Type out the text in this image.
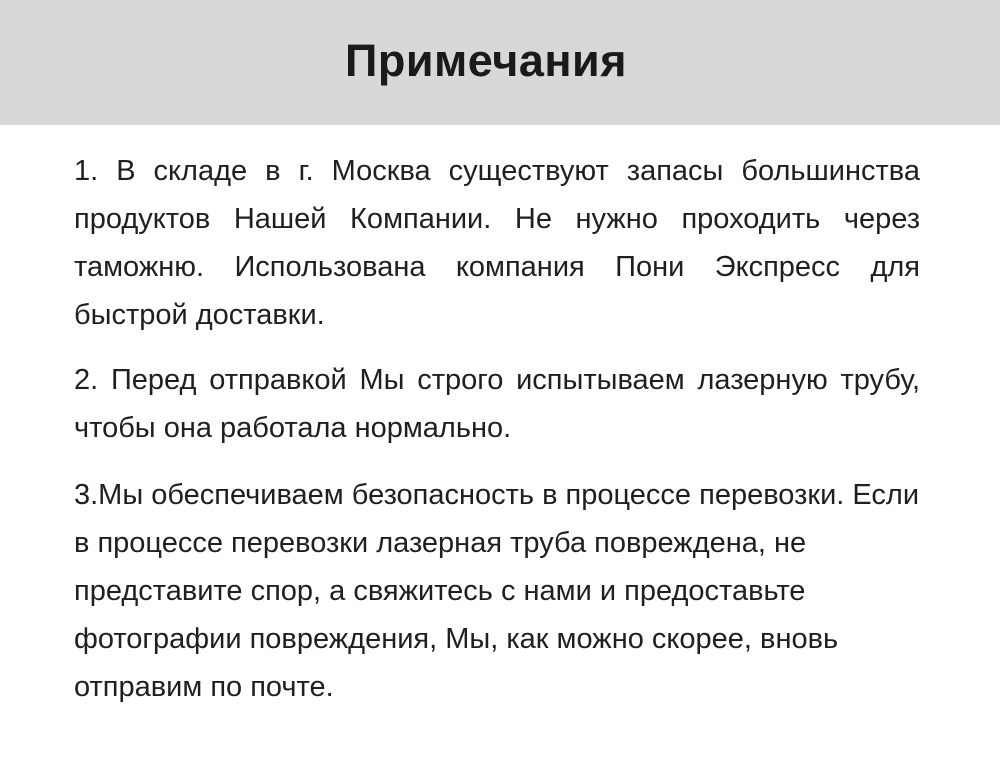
Примечания

1. В складе в г. Москва существуют запасы большинства продуктов Нашей Компании. Не нужно проходить через таможню. Использована компания Пони Экспресс для быстрой доставки.

2. Перед отправкой Мы строго испытываем лазерную трубу, чтобы она работала нормально.

3.Мы обеспечиваем безопасность в процессе перевозки. Если в процессе перевозки лазерная труба повреждена, не представите спор, а свяжитесь с нами и предоставьте фотографии повреждения, Мы, как можно скорее, вновь отправим по почте.
